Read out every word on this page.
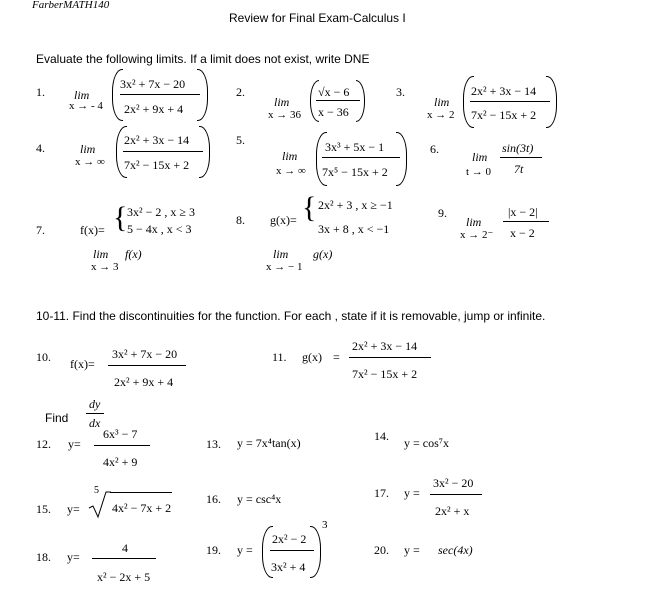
FarberMATH140
Review for Final Exam-Calculus I
Evaluate the following limits. If a limit does not exist, write DNE
1. lim
x → - 4
3x² + 7x − 20
2x² + 9x + 4
2.
lim
x → 36
√x − 6
x − 36
3.
lim
x → 2
2x² + 3x − 14
7x² − 15x + 2
4.	lim
x → ∞
2x² + 3x − 14
7x² − 15x + 2
5.
lim
x → ∞
3x³ + 5x − 1
7x⁵ − 15x + 2
6.
lim
t → 0
sin(3t)
7t
7.	f(x)= { 3x² − 2 , x ≥ 3
5 − 4x , x < 3
lim f(x)
x → 3
8. g(x)= { 2x² + 3 , x ≥ −1
3x + 8 , x < −1
lim g(x)
x → − 1
9.
lim
x → 2⁻
|x − 2|
x − 2
10-11. Find the discontinuities for the function. For each , state if it is removable, jump or infinite.
10. f(x)=
3x² + 7x − 20
2x² + 9x + 4
11. g(x) =
2x² + 3x − 14
7x² − 15x + 2
Find
dy
dx
12. y=
6x³ − 7
4x² + 9
13. y = 7x⁴tan(x)	14. y = cos⁷x
15. y=
5
4x² − 7x + 2
16. y = csc⁴x	17. y =
3x² − 20
2x² + x
18. y=
4
x² − 2x + 5
19. y =
2x² − 2
3x² + 4
3
20. y = sec(4x)
